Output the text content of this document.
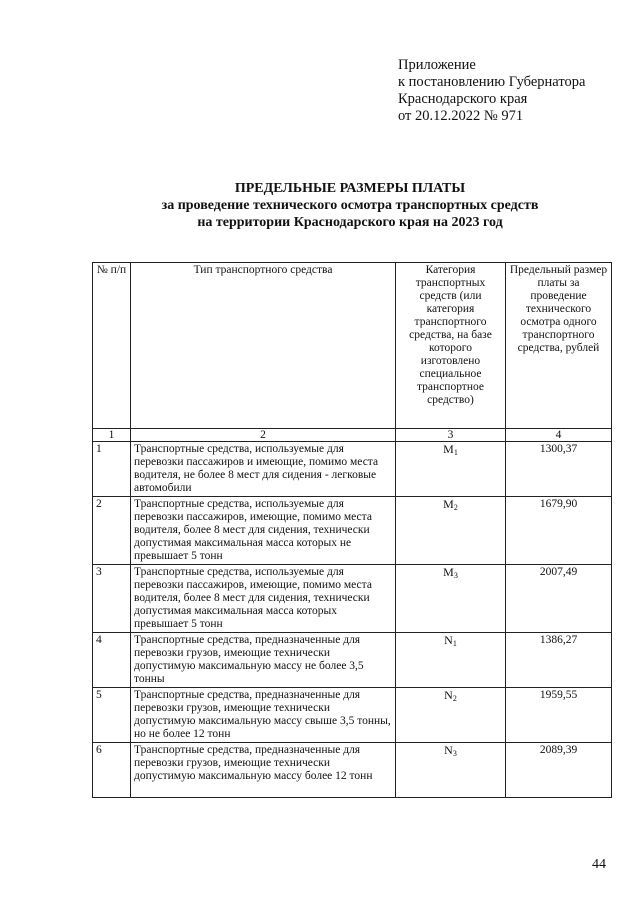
Приложение
к постановлению Губернатора
Краснодарского края
от 20.12.2022 № 971
ПРЕДЕЛЬНЫЕ РАЗМЕРЫ ПЛАТЫ
за проведение технического осмотра транспортных средств
на территории Краснодарского края на 2023 год
№ п/п	Тип транспортного средства	Категория транспортных средств (или категория транспортного средства, на базе которого изготовлено специальное транспортное средство)	Предельный размер платы за проведение технического осмотра одного транспортного средства, рублей
1	2	3	4
1	Транспортные средства, используемые для перевозки пассажиров и имеющие, помимо места водителя, не более 8 мест для сидения - легковые автомобили	M1	1300,37
2	Транспортные средства, используемые для перевозки пассажиров, имеющие, помимо места водителя, более 8 мест для сидения, технически допустимая максимальная масса которых не превышает 5 тонн	M2	1679,90
3	Транспортные средства, используемые для перевозки пассажиров, имеющие, помимо места водителя, более 8 мест для сидения, технически допустимая максимальная масса которых превышает 5 тонн	M3	2007,49
4	Транспортные средства, предназначенные для перевозки грузов, имеющие технически допустимую максимальную массу не более 3,5 тонны	N1	1386,27
5	Транспортные средства, предназначенные для перевозки грузов, имеющие технически допустимую максимальную массу свыше 3,5 тонны, но не более 12 тонн	N2	1959,55
6	Транспортные средства, предназначенные для перевозки грузов, имеющие технически допустимую максимальную массу более 12 тонн	N3	2089,39
44
